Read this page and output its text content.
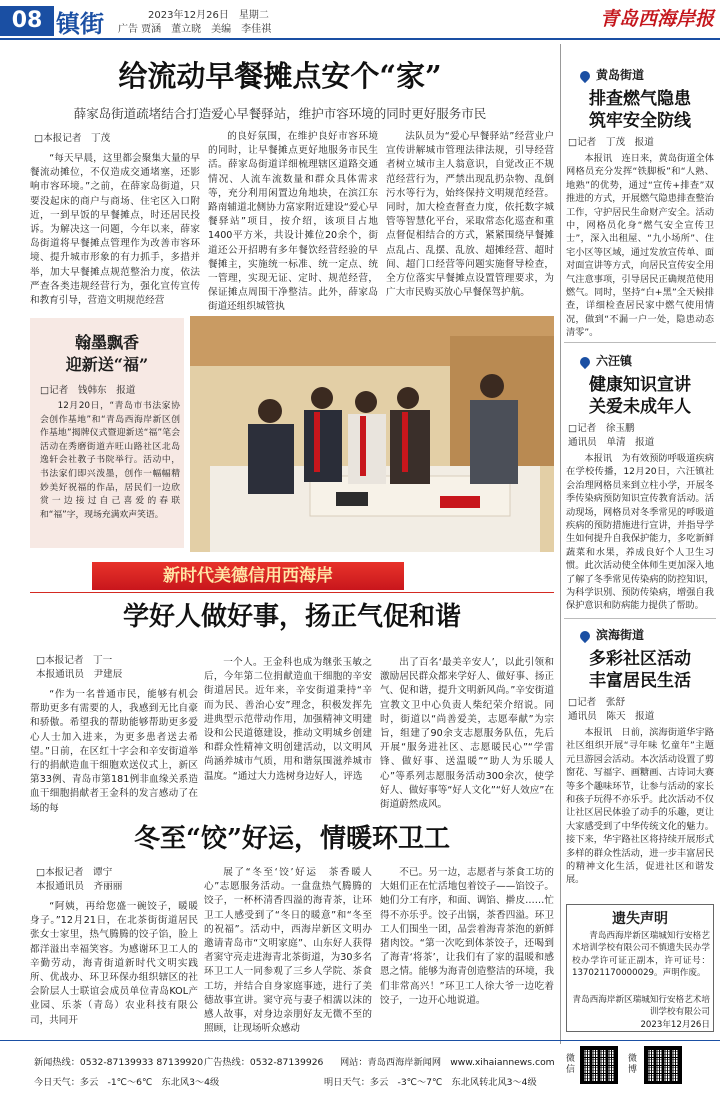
08 镇街	2023年12月26日　星期二
广告 贾涵　董立晓　美编　李佳祺	青岛西海岸报
给流动早餐摊点安个“家”
薛家岛街道疏堵结合打造爱心早餐驿站，维护市容环境的同时更好服务市民
□本报记者　丁茂

“每天早晨，这里都会聚集大量的早餐流动摊位，不仅造成交通堵塞，还影响市容环境。”之前，在薛家岛街道，只要没起床的商户与商场、住宅区入口附近，一到早饭的早餐摊点，时还居民投诉。为解决这一问题，今年以来，薛家岛街道将早餐摊点管理作为改善市容环境、提升城市形象的有力抓手，多措并举，加大早餐摊点规范整治力度，依法严查各类违规经营行为，强化宣传宣传和教育引导，营造文明规范经营

的良好氛围，在维护良好市容环境的同时，让早餐摊点更好地服务市民生活。薛家岛街道详细梳理辖区道路交通情况、人流车流数量和群众具体需求等，充分利用闲置边角地块，在滨江东路南辅道北侧协力富家附近建设“爱心早餐驿站”项目，按介绍，该项目占地1400平方米，共设计摊位20余个，街道还公开招聘有多年餐饮经营经验的早餐摊主，实施统一标准、统一定点、统一管理，实现无证、定时、规范经营，保证摊点周围干净整洁。此外，薛家岛街道还组织城管执

法队员为“爱心早餐驿站”经营业户宣传讲解城市管理法律法规，引导经营者树立城市主人翁意识，自觉改正不规范经营行为，严禁出现乱扔杂物、乱倒污水等行为，始终保持文明规范经营。同时，加大检查督查力度，依托数字城管等智慧化平台，采取常态化巡查和重点督促相结合的方式，紧紧围绕早餐摊点乱占、乱摆、乱放、超摊经营、超时间、超门口经营等问题实施督导检查，全方位落实早餐摊点设置管理要求，为广大市民购买放心早餐保驾护航。

翰墨飘香
迎新送“福”
□记者　钱韩东　报道

12月20日，“青岛市书法家协会创作基地”和“青岛西海岸新区创作基地”揭牌仪式暨迎新送“福”笔会活动在秀磨街道卉旺山路社区北岛逸轩会社教子书院举行。活动中，书法家们即兴泼墨，创作一幅幅精妙美好祝福的作品，居民们一边欣赏一边接过自己喜爱的春联和“福”字，现场充满欢声笑语。

新时代美德信用西海岸
学好人做好事，扬正气促和谐
□本报记者　丁一
本报通讯员　尹建辰

“作为一名普通市民，能够有机会帮助更多有需要的人，我感到无比自豪和骄傲。希望我的帮助能够帮助更多爱心人士加入进来，为更多患者送去希望。”日前，在区红十字会和辛安街道举行的捐献造血干细胞欢送仪式上，新区第33例、青岛市第181例非血缘关系造血干细胞捐献者王金科的发言感动了在场的每

一个人。王金科也成为继张玉敏之后，今年第二位捐献造血干细胞的辛安街道居民。近年来，辛安街道秉持“辛而为民、善治心安”理念，积极发挥先进典型示范带动作用，加强精神文明建设和公民道德建设，推动文明城乡创建和群众性精神文明创建活动，以文明风尚涵养城市气质，用和谐氛围滋养城市温度。“通过大力选树身边好人，评选

出了百名‘最美辛安人’，以此引领和激励居民群众都来学好人、做好事、扬正气、促和谐，提升文明新风尚。”辛安街道宣教文卫中心负责人柴纪荣介绍说。同时，街道以“尚善爱美，志愿奉献”为宗旨，组建了90余支志愿服务队伍，先后开展“服务进社区、志愿暖民心”“学雷锋、做好事、送温暖”“助人为乐暖人心”等系列志愿服务活动300余次，使学好人、做好事等“好人文化”“好人效应”在街道蔚然成风。

冬至“饺”好运，情暖环卫工
□本报记者　谭宁
本报通讯员　齐丽丽

“阿姨，再给您盛一碗饺子，暖暖身子。”12月21日，在北茶街街道居民张女士家里，热气腾腾的饺子馅，脸上都洋溢出幸福笑容。为感谢环卫工人的辛勤劳动，海青街道新时代文明实践所、优战办、环卫环保办组织辖区的社会阶层人士联谊会成员单位青岛KOL产业园、乐茶（青岛）农业科技有限公司，共同开

展了“冬至‘饺’好运　茶香暖人心”志愿服务活动。一盘盘热气腾腾的饺子，一杯杯清香四溢的海青茶，让环卫工人感受到了“冬日的暖意”和“冬至的祝福”。活动中，西海岸新区文明办邀请青岛市“文明家庭”、山东好人获得者窦守亮走进海青北茶街道，为30多名环卫工人一同参观了三乡人学院、茶食工坊，并结合自身家庭事迹，进行了美德故事宣讲。窦守亮与妻子相濡以沫的感人故事，对身边亲朋好友无微不至的照顾，让现场听众感动

不已。另一边，志愿者与茶食工坊的大姐们正在忙活地包着饺子——馅饺子。她们分工有序，和面、调馅、擀皮……忙得不亦乐乎。饺子出锅，茶香四溢。环卫工人们围坐一团，品尝着海青茶泡的新鲜猪肉饺。“第一次吃到体茶饺子，还喝到了海青‘将茶’，让我们有了家的温暖和感恩之情。能够为海青创造整洁的环境，我们非常高兴！”环卫工人徐大爷一边吃着饺子，一边开心地说道。

黄岛街道
排查燃气隐患
筑牢安全防线
□记者　丁茂　报道

本报讯　连日来，黄岛街道全体网格员充分发挥“铁脚板”和“人熟、地熟”的优势，通过“宣传+排查”双推进的方式，开展燃气隐患排查整治工作，守护居民生命财产安全。活动中，网格员化身“燃气安全宣传卫士”，深入出租屋、“九小场所”、住宅小区等区域，通过发放宣传单、面对面宣讲等方式，向居民宣传安全用气注意事项，引导居民正确规范使用燃气。同时，坚持“白+黑”全天候排查，详细检查居民家中燃气使用情况，做到“不漏一户一处，隐患动态清零”。

六汪镇
健康知识宣讲
关爱未成年人
□记者　徐玉鹏
通讯员　单清　报道

本报讯　为有效预防呼吸道疾病在学校传播，12月20日，六汪镇社会治理网格员来到立柱小学，开展冬季传染病预防知识宣传教育活动。活动现场，网格员对冬季常见的呼吸道疾病的预防措施进行宣讲，并指导学生如何提升自我保护能力，多吃新鲜蔬菜和水果，养成良好个人卫生习惯。此次活动使全体师生更加深入地了解了冬季常见传染病的防控知识，为科学识别、预防传染病，增强自我保护意识和防病能力提供了帮助。

滨海街道
多彩社区活动
丰富居民生活
□记者　张舒
通讯员　陈天　报道

本报讯　日前，滨海街道华宇路社区组织开展“寻年味 忆童年”主题元旦游园会活动。本次活动设置了剪窗花、写福字、画糖画、古诗词大赛等多个趣味环节，让参与活动的家长和孩子玩得不亦乐乎。此次活动不仅让社区居民体验了动手的乐趣，更让大家感受到了中华传统文化的魅力。接下来，华宇路社区将持续开展形式多样的群众性活动，进一步丰富居民的精神文化生活，促进社区和谐发展。

遗失声明

青岛西海岸新区瑞城知行安格艺术培训学校有限公司不慎遗失民办学校办学许可证正副本，许可证号：137021170000029。声明作废。

青岛西海岸新区瑞城知行安格艺术培训学校有限公司
2023年12月26日
新闻热线：0532-87139933 87139920 广告热线：0532-87139926 网站：青岛西海岸新闻网　www.xihaiannews.com
今日天气：多云　-1℃～6℃　东北风3～4级	明日天气：多云　-3℃～7℃　东北风转北风3～4级
微信
微博
